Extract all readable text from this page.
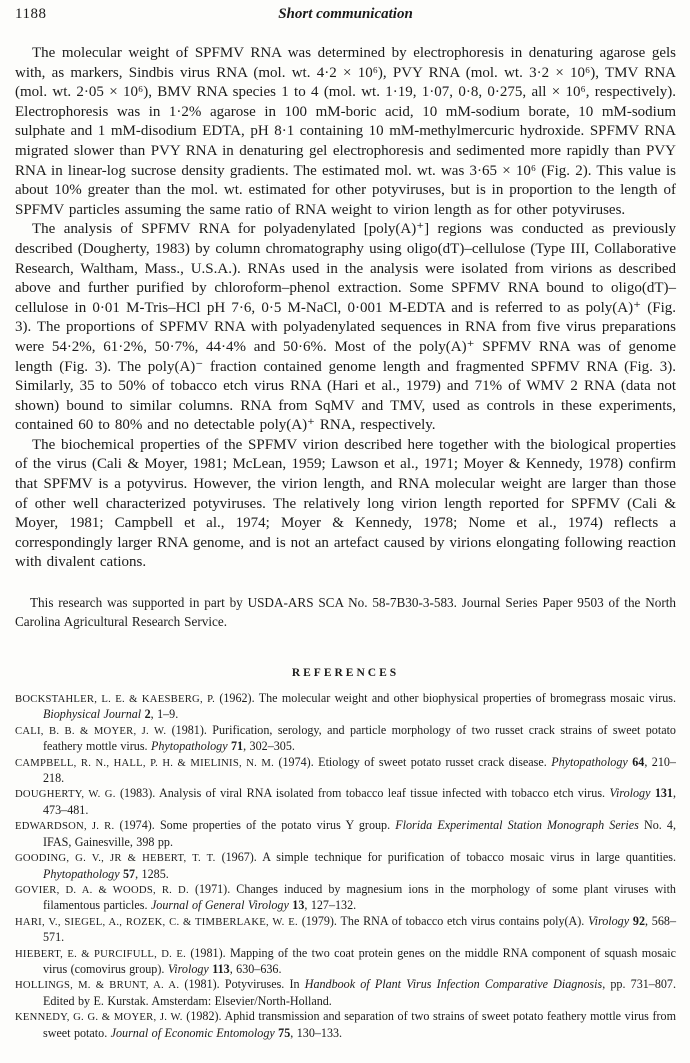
1188	Short communication

The molecular weight of SPFMV RNA was determined by electrophoresis in denaturing agarose gels with, as markers, Sindbis virus RNA (mol. wt. 4·2 × 10⁶), PVY RNA (mol. wt. 3·2 × 10⁶), TMV RNA (mol. wt. 2·05 × 10⁶), BMV RNA species 1 to 4 (mol. wt. 1·19, 1·07, 0·8, 0·275, all × 10⁶, respectively). Electrophoresis was in 1·2% agarose in 100 mM-boric acid, 10 mM-sodium borate, 10 mM-sodium sulphate and 1 mM-disodium EDTA, pH 8·1 containing 10 mM-methylmercuric hydroxide. SPFMV RNA migrated slower than PVY RNA in denaturing gel electrophoresis and sedimented more rapidly than PVY RNA in linear-log sucrose density gradients. The estimated mol. wt. was 3·65 × 10⁶ (Fig. 2). This value is about 10% greater than the mol. wt. estimated for other potyviruses, but is in proportion to the length of SPFMV particles assuming the same ratio of RNA weight to virion length as for other potyviruses.

The analysis of SPFMV RNA for polyadenylated [poly(A)⁺] regions was conducted as previously described (Dougherty, 1983) by column chromatography using oligo(dT)–cellulose (Type III, Collaborative Research, Waltham, Mass., U.S.A.). RNAs used in the analysis were isolated from virions as described above and further purified by chloroform–phenol extraction. Some SPFMV RNA bound to oligo(dT)–cellulose in 0·01 M-Tris–HCl pH 7·6, 0·5 M-NaCl, 0·001 M-EDTA and is referred to as poly(A)⁺ (Fig. 3). The proportions of SPFMV RNA with polyadenylated sequences in RNA from five virus preparations were 54·2%, 61·2%, 50·7%, 44·4% and 50·6%. Most of the poly(A)⁺ SPFMV RNA was of genome length (Fig. 3). The poly(A)⁻ fraction contained genome length and fragmented SPFMV RNA (Fig. 3). Similarly, 35 to 50% of tobacco etch virus RNA (Hari et al., 1979) and 71% of WMV 2 RNA (data not shown) bound to similar columns. RNA from SqMV and TMV, used as controls in these experiments, contained 60 to 80% and no detectable poly(A)⁺ RNA, respectively.

The biochemical properties of the SPFMV virion described here together with the biological properties of the virus (Cali & Moyer, 1981; McLean, 1959; Lawson et al., 1971; Moyer & Kennedy, 1978) confirm that SPFMV is a potyvirus. However, the virion length, and RNA molecular weight are larger than those of other well characterized potyviruses. The relatively long virion length reported for SPFMV (Cali & Moyer, 1981; Campbell et al., 1974; Moyer & Kennedy, 1978; Nome et al., 1974) reflects a correspondingly larger RNA genome, and is not an artefact caused by virions elongating following reaction with divalent cations.

This research was supported in part by USDA-ARS SCA No. 58-7B30-3-583. Journal Series Paper 9503 of the North Carolina Agricultural Research Service.
REFERENCES

BOCKSTAHLER, L. E. & KAESBERG, P. (1962). The molecular weight and other biophysical properties of bromegrass mosaic virus. Biophysical Journal 2, 1–9.

CALI, B. B. & MOYER, J. W. (1981). Purification, serology, and particle morphology of two russet crack strains of sweet potato feathery mottle virus. Phytopathology 71, 302–305.

CAMPBELL, R. N., HALL, P. H. & MIELINIS, N. M. (1974). Etiology of sweet potato russet crack disease. Phytopathology 64, 210–218.

DOUGHERTY, W. G. (1983). Analysis of viral RNA isolated from tobacco leaf tissue infected with tobacco etch virus. Virology 131, 473–481.

EDWARDSON, J. R. (1974). Some properties of the potato virus Y group. Florida Experimental Station Monograph Series No. 4, IFAS, Gainesville, 398 pp.

GOODING, G. V., JR & HEBERT, T. T. (1967). A simple technique for purification of tobacco mosaic virus in large quantities. Phytopathology 57, 1285.

GOVIER, D. A. & WOODS, R. D. (1971). Changes induced by magnesium ions in the morphology of some plant viruses with filamentous particles. Journal of General Virology 13, 127–132.

HARI, V., SIEGEL, A., ROZEK, C. & TIMBERLAKE, W. E. (1979). The RNA of tobacco etch virus contains poly(A). Virology 92, 568–571.

HIEBERT, E. & PURCIFULL, D. E. (1981). Mapping of the two coat protein genes on the middle RNA component of squash mosaic virus (comovirus group). Virology 113, 630–636.

HOLLINGS, M. & BRUNT, A. A. (1981). Potyviruses. In Handbook of Plant Virus Infection Comparative Diagnosis, pp. 731–807. Edited by E. Kurstak. Amsterdam: Elsevier/North-Holland.

KENNEDY, G. G. & MOYER, J. W. (1982). Aphid transmission and separation of two strains of sweet potato feathery mottle virus from sweet potato. Journal of Economic Entomology 75, 130–133.
